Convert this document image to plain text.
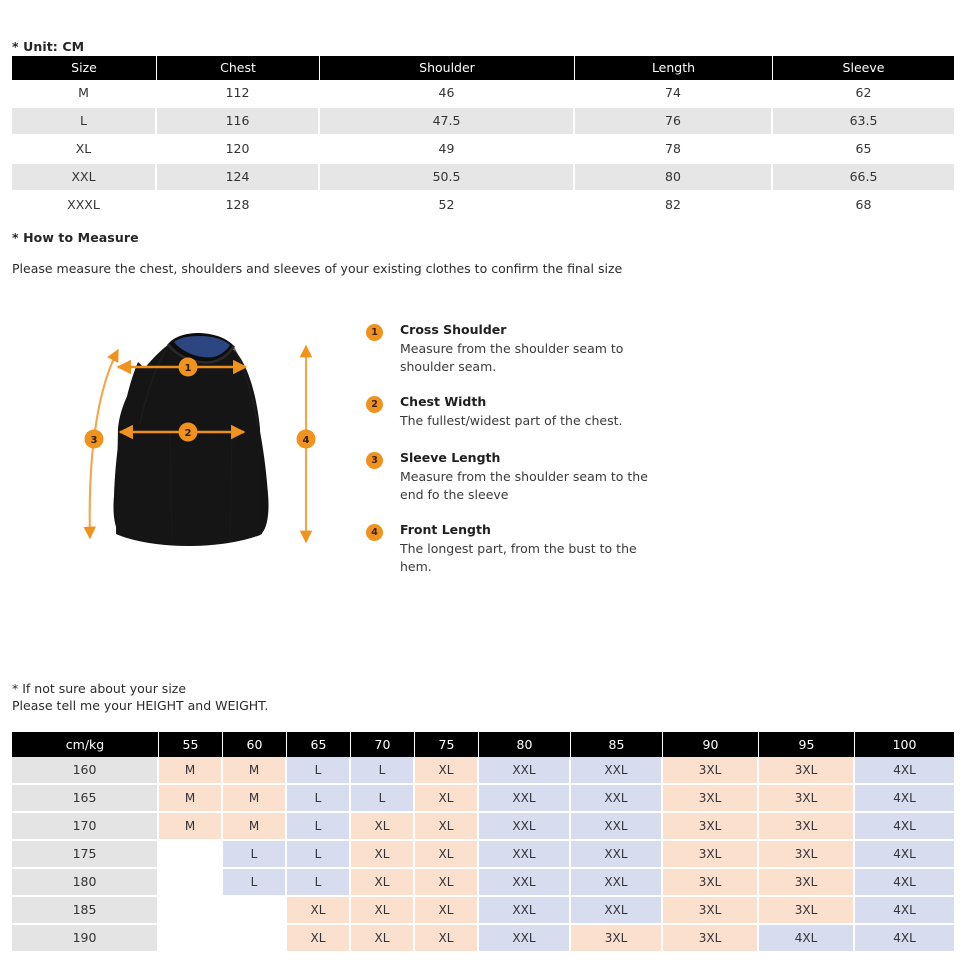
* Unit: CM
Size	Chest	Shoulder	Length	Sleeve
M	112	46	74	62
L	116	47.5	76	63.5
XL	120	49	78	65
XXL	124	50.5	80	66.5
XXXL	128	52	82	68
* How to Measure
Please measure the chest, shoulders and sleeves of your existing clothes to confirm the final size
1
2
3	4
1	Cross Shoulder
Measure from the shoulder seam to shoulder seam.
2	Chest Width
The fullest/widest part of the chest.
3	Sleeve Length
Measure from the shoulder seam to the end fo the sleeve
4	Front Length
The longest part, from the bust to the hem.
* If not sure about your size
Please tell me your HEIGHT and WEIGHT.
cm/kg	55	60	65	70	75	80	85	90	95	100
160	M	M	L	L	XL	XXL	XXL	3XL	3XL	4XL
165	M	M	L	L	XL	XXL	XXL	3XL	3XL	4XL
170	M	M	L	XL	XL	XXL	XXL	3XL	3XL	4XL
175		L	L	XL	XL	XXL	XXL	3XL	3XL	4XL
180		L	L	XL	XL	XXL	XXL	3XL	3XL	4XL
185			XL	XL	XL	XXL	XXL	3XL	3XL	4XL
190			XL	XL	XL	XXL	3XL	3XL	4XL	4XL
